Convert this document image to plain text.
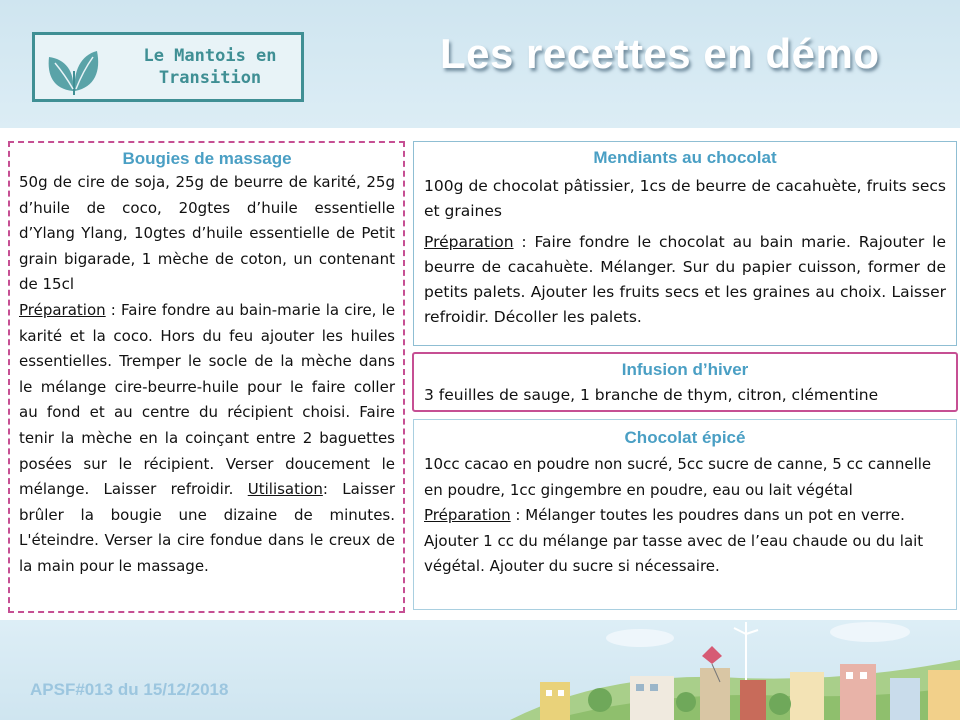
Le Mantois en
Transition
Les recettes en démo
Bougies de massage

50g de cire de soja, 25g de beurre de karité, 25g d’huile de coco, 20gtes d’huile essentielle d’Ylang Ylang, 10gtes d’huile essentielle de Petit grain bigarade, 1 mèche de coton, un contenant de 15cl

Préparation : Faire fondre au bain-marie la cire, le karité et la coco. Hors du feu ajouter les huiles essentielles. Tremper le socle de la mèche dans le mélange cire-beurre-huile pour le faire coller au fond et au centre du récipient choisi. Faire tenir la mèche en la coinçant entre 2 baguettes posées sur le récipient. Verser doucement le mélange. Laisser refroidir. Utilisation: Laisser brûler la bougie une dizaine de minutes. L'éteindre. Verser la cire fondue dans le creux de la main pour le massage.

Mendiants au chocolat

100g de chocolat pâtissier, 1cs de beurre de cacahuète, fruits secs et graines

Préparation : Faire fondre le chocolat au bain marie. Rajouter le beurre de cacahuète. Mélanger. Sur du papier cuisson, former de petits palets. Ajouter les fruits secs et les graines au choix. Laisser refroidir. Décoller les palets.

Infusion d’hiver

3 feuilles de sauge, 1 branche de thym, citron, clémentine

Chocolat épicé

10cc cacao en poudre non sucré, 5cc sucre de canne, 5 cc cannelle en poudre, 1cc gingembre en poudre, eau ou lait végétal

Préparation : Mélanger toutes les poudres dans un pot en verre. Ajouter 1 cc du mélange par tasse avec de l’eau chaude ou du lait végétal. Ajouter du sucre si nécessaire.

APSF#013 du 15/12/2018
